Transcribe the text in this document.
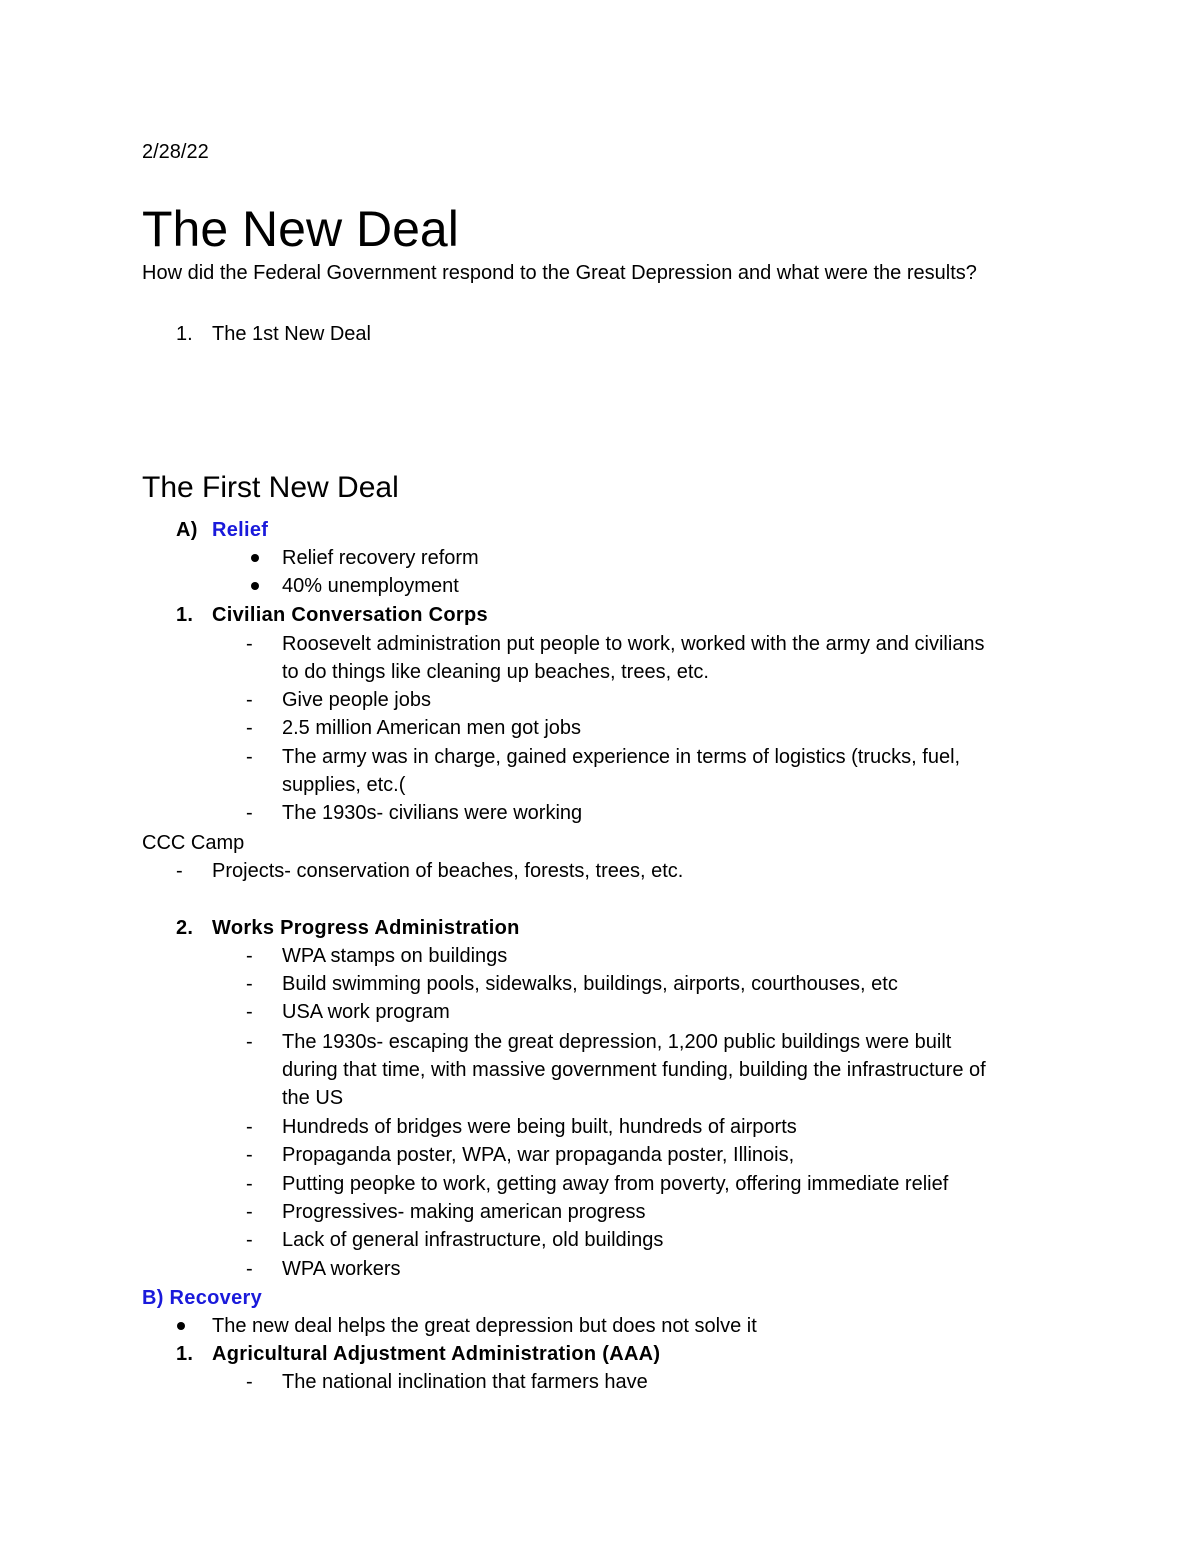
2/28/22
The New Deal
How did the Federal Government respond to the Great Depression and what were the results?
1. The 1st New Deal
The First New Deal
A) Relief
Relief recovery reform
40% unemployment
1. Civilian Conversation Corps
- Roosevelt administration put people to work, worked with the army and civilians
to do things like cleaning up beaches, trees, etc.
- Give people jobs
- 2.5 million American men got jobs
- The army was in charge, gained experience in terms of logistics (trucks, fuel,
supplies, etc.(
- The 1930s- civilians were working
CCC Camp
- Projects- conservation of beaches, forests, trees, etc.
2. Works Progress Administration
- WPA stamps on buildings
- Build swimming pools, sidewalks, buildings, airports, courthouses, etc
- USA work program
- The 1930s- escaping the great depression, 1,200 public buildings were built
during that time, with massive government funding, building the infrastructure of
the US
- Hundreds of bridges were being built, hundreds of airports
- Propaganda poster, WPA, war propaganda poster, Illinois,
- Putting peopke to work, getting away from poverty, offering immediate relief
- Progressives- making american progress
- Lack of general infrastructure, old buildings
- WPA workers
B) Recovery
The new deal helps the great depression but does not solve it
1. Agricultural Adjustment Administration (AAA)
- The national inclination that farmers have
